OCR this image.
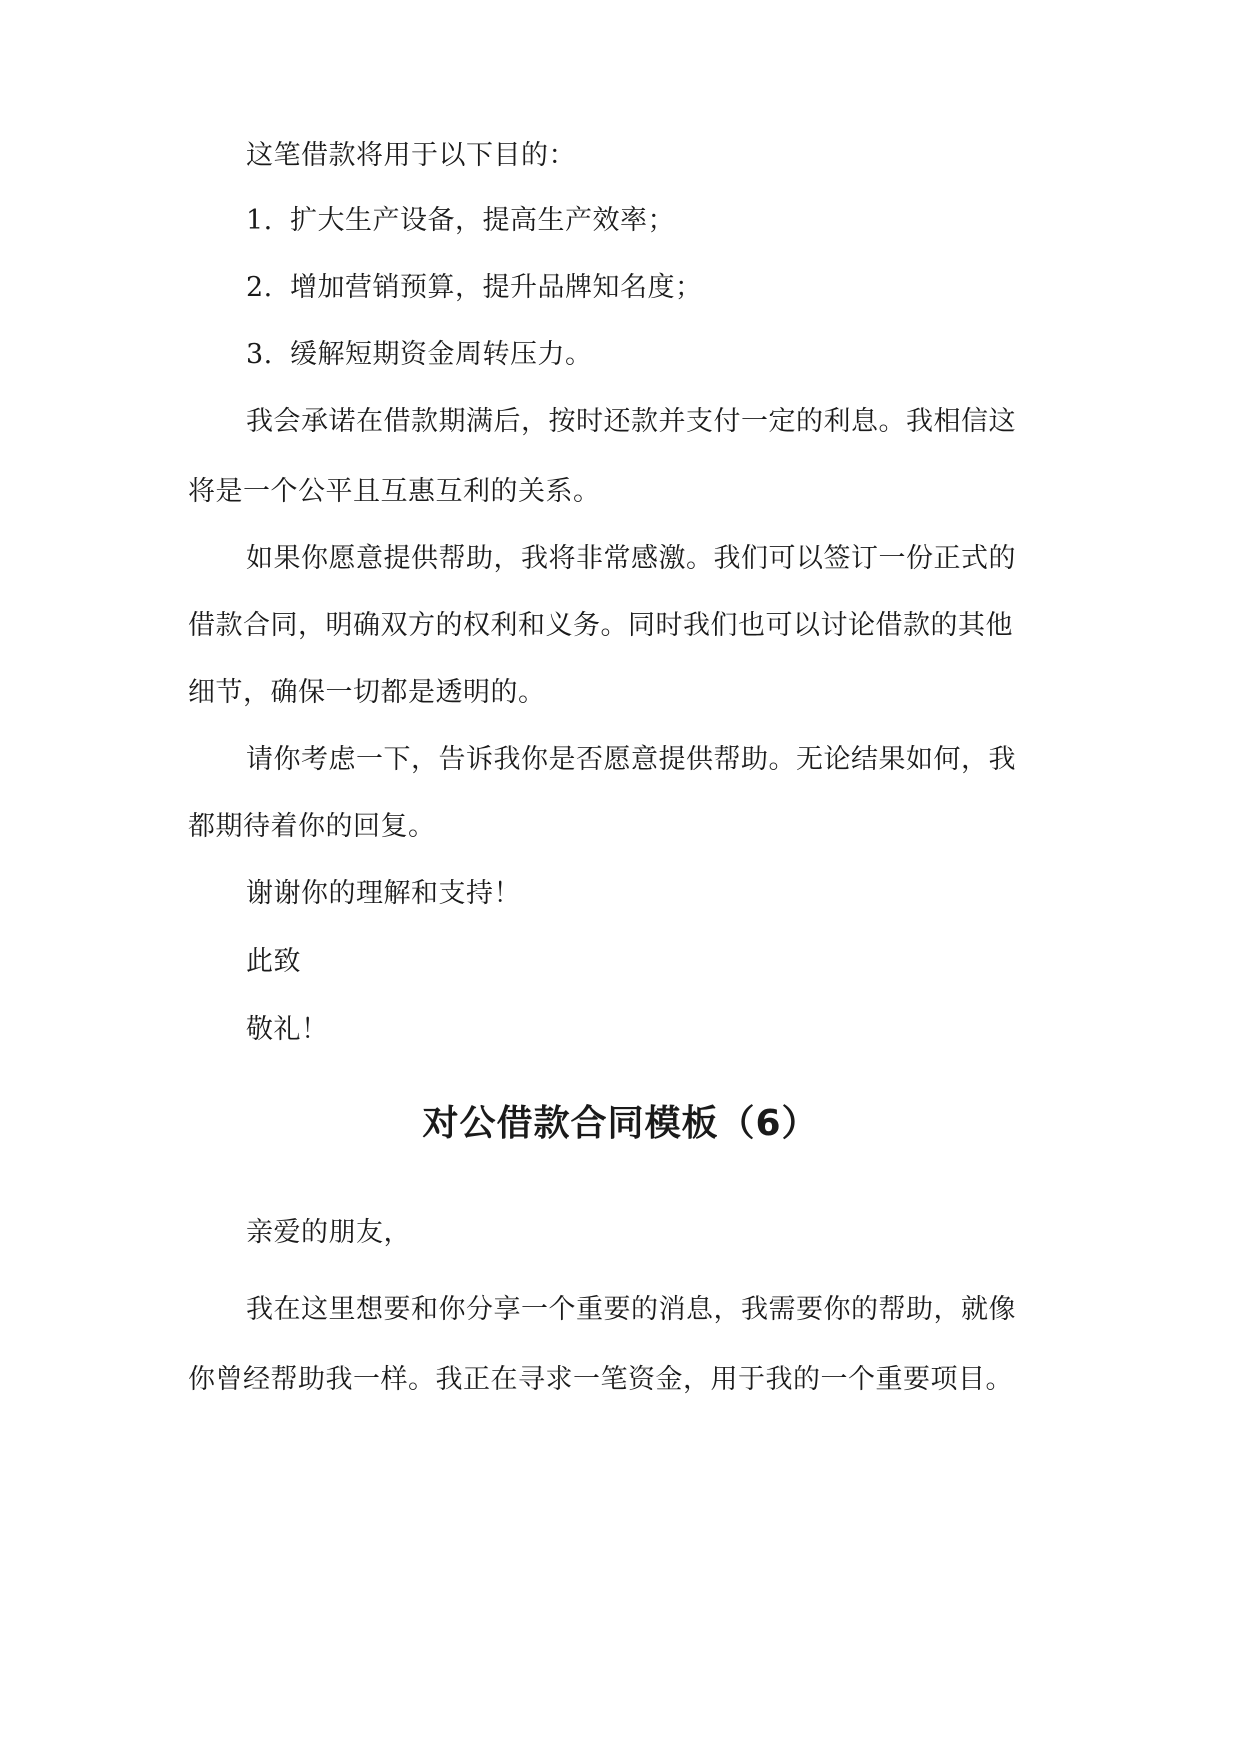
这笔借款将用于以下目的：

1. 扩大生产设备，提高生产效率；

2. 增加营销预算，提升品牌知名度；

3. 缓解短期资金周转压力。

我会承诺在借款期满后，按时还款并支付一定的利息。我相信这

将是一个公平且互惠互利的关系。

如果你愿意提供帮助，我将非常感激。我们可以签订一份正式的

借款合同，明确双方的权利和义务。同时我们也可以讨论借款的其他

细节，确保一切都是透明的。

请你考虑一下，告诉我你是否愿意提供帮助。无论结果如何，我

都期待着你的回复。

谢谢你的理解和支持！

此致

敬礼！

对公借款合同模板（6）

亲爱的朋友，

我在这里想要和你分享一个重要的消息，我需要你的帮助，就像

你曾经帮助我一样。我正在寻求一笔资金，用于我的一个重要项目。
